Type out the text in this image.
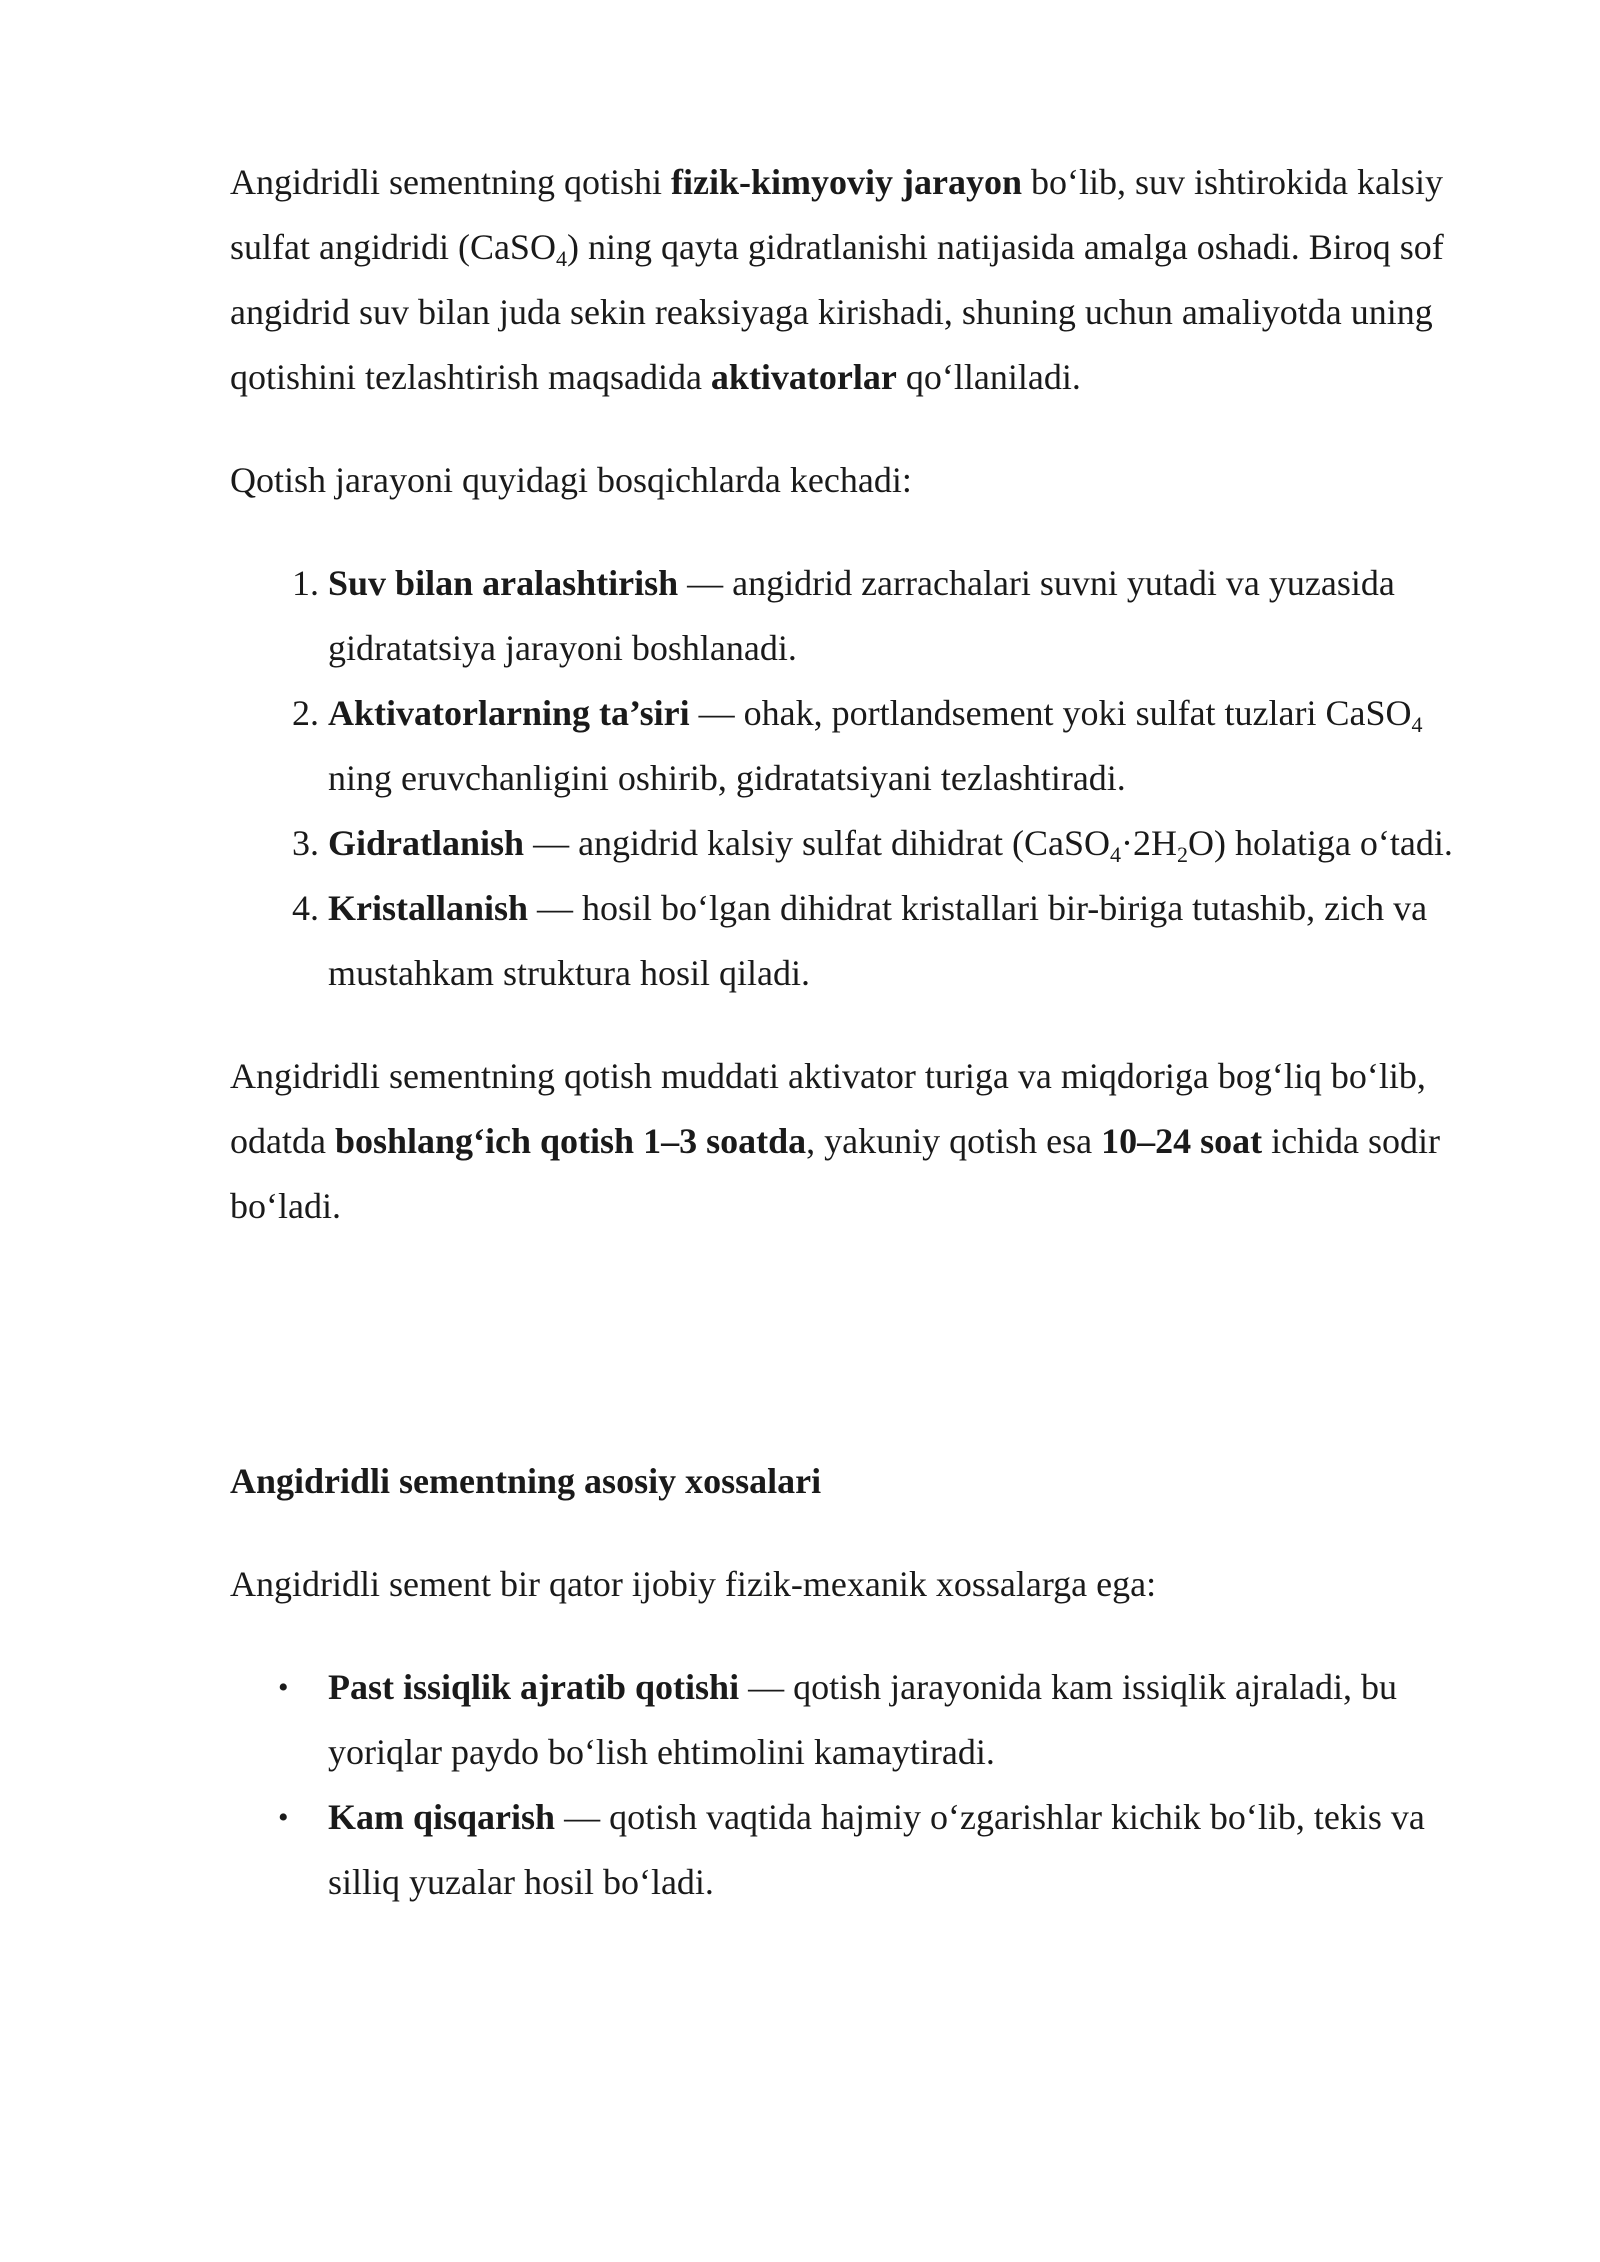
Angidridli sementning qotishi fizik-kimyoviy jarayon bo‘lib, suv ishtirokida kalsiy sulfat angidridi (CaSO$_4$) ning qayta gidratlanishi natijasida amalga oshadi. Biroq sof angidrid suv bilan juda sekin reaksiyaga kirishadi, shuning uchun amaliyotda uning qotishini tezlashtirish maqsadida aktivatorlar qo‘llaniladi.

Qotish jarayoni quyidagi bosqichlarda kechadi:

1. Suv bilan aralashtirish — angidrid zarrachalari suvni yutadi va yuzasida gidratatsiya jarayoni boshlanadi.
2. Aktivatorlarning ta’siri — ohak, portlandsement yoki sulfat tuzlari CaSO$_4$ ning eruvchanligini oshirib, gidratatsiyani tezlashtiradi.
3. Gidratlanish — angidrid kalsiy sulfat dihidrat $(CaSO_4\cdot 2H_2O)$ holatiga o‘tadi.
4. Kristallanish — hosil bo‘lgan dihidrat kristallari bir-biriga tutashib, zich va mustahkam struktura hosil qiladi.

Angidridli sementning qotish muddati aktivator turiga va miqdoriga bog‘liq bo‘lib, odatda boshlang‘ich qotish 1–3 soatda, yakuniy qotish esa 10–24 soat ichida sodir bo‘ladi.

Angidridli sementning asosiy xossalari

Angidridli sement bir qator ijobiy fizik-mexanik xossalarga ega:

• Past issiqlik ajratib qotishi — qotish jarayonida kam issiqlik ajraladi, bu yoriqlar paydo bo‘lish ehtimolini kamaytiradi.
• Kam qisqarish — qotish vaqtida hajmiy o‘zgarishlar kichik bo‘lib, tekis va silliq yuzalar hosil bo‘ladi.
